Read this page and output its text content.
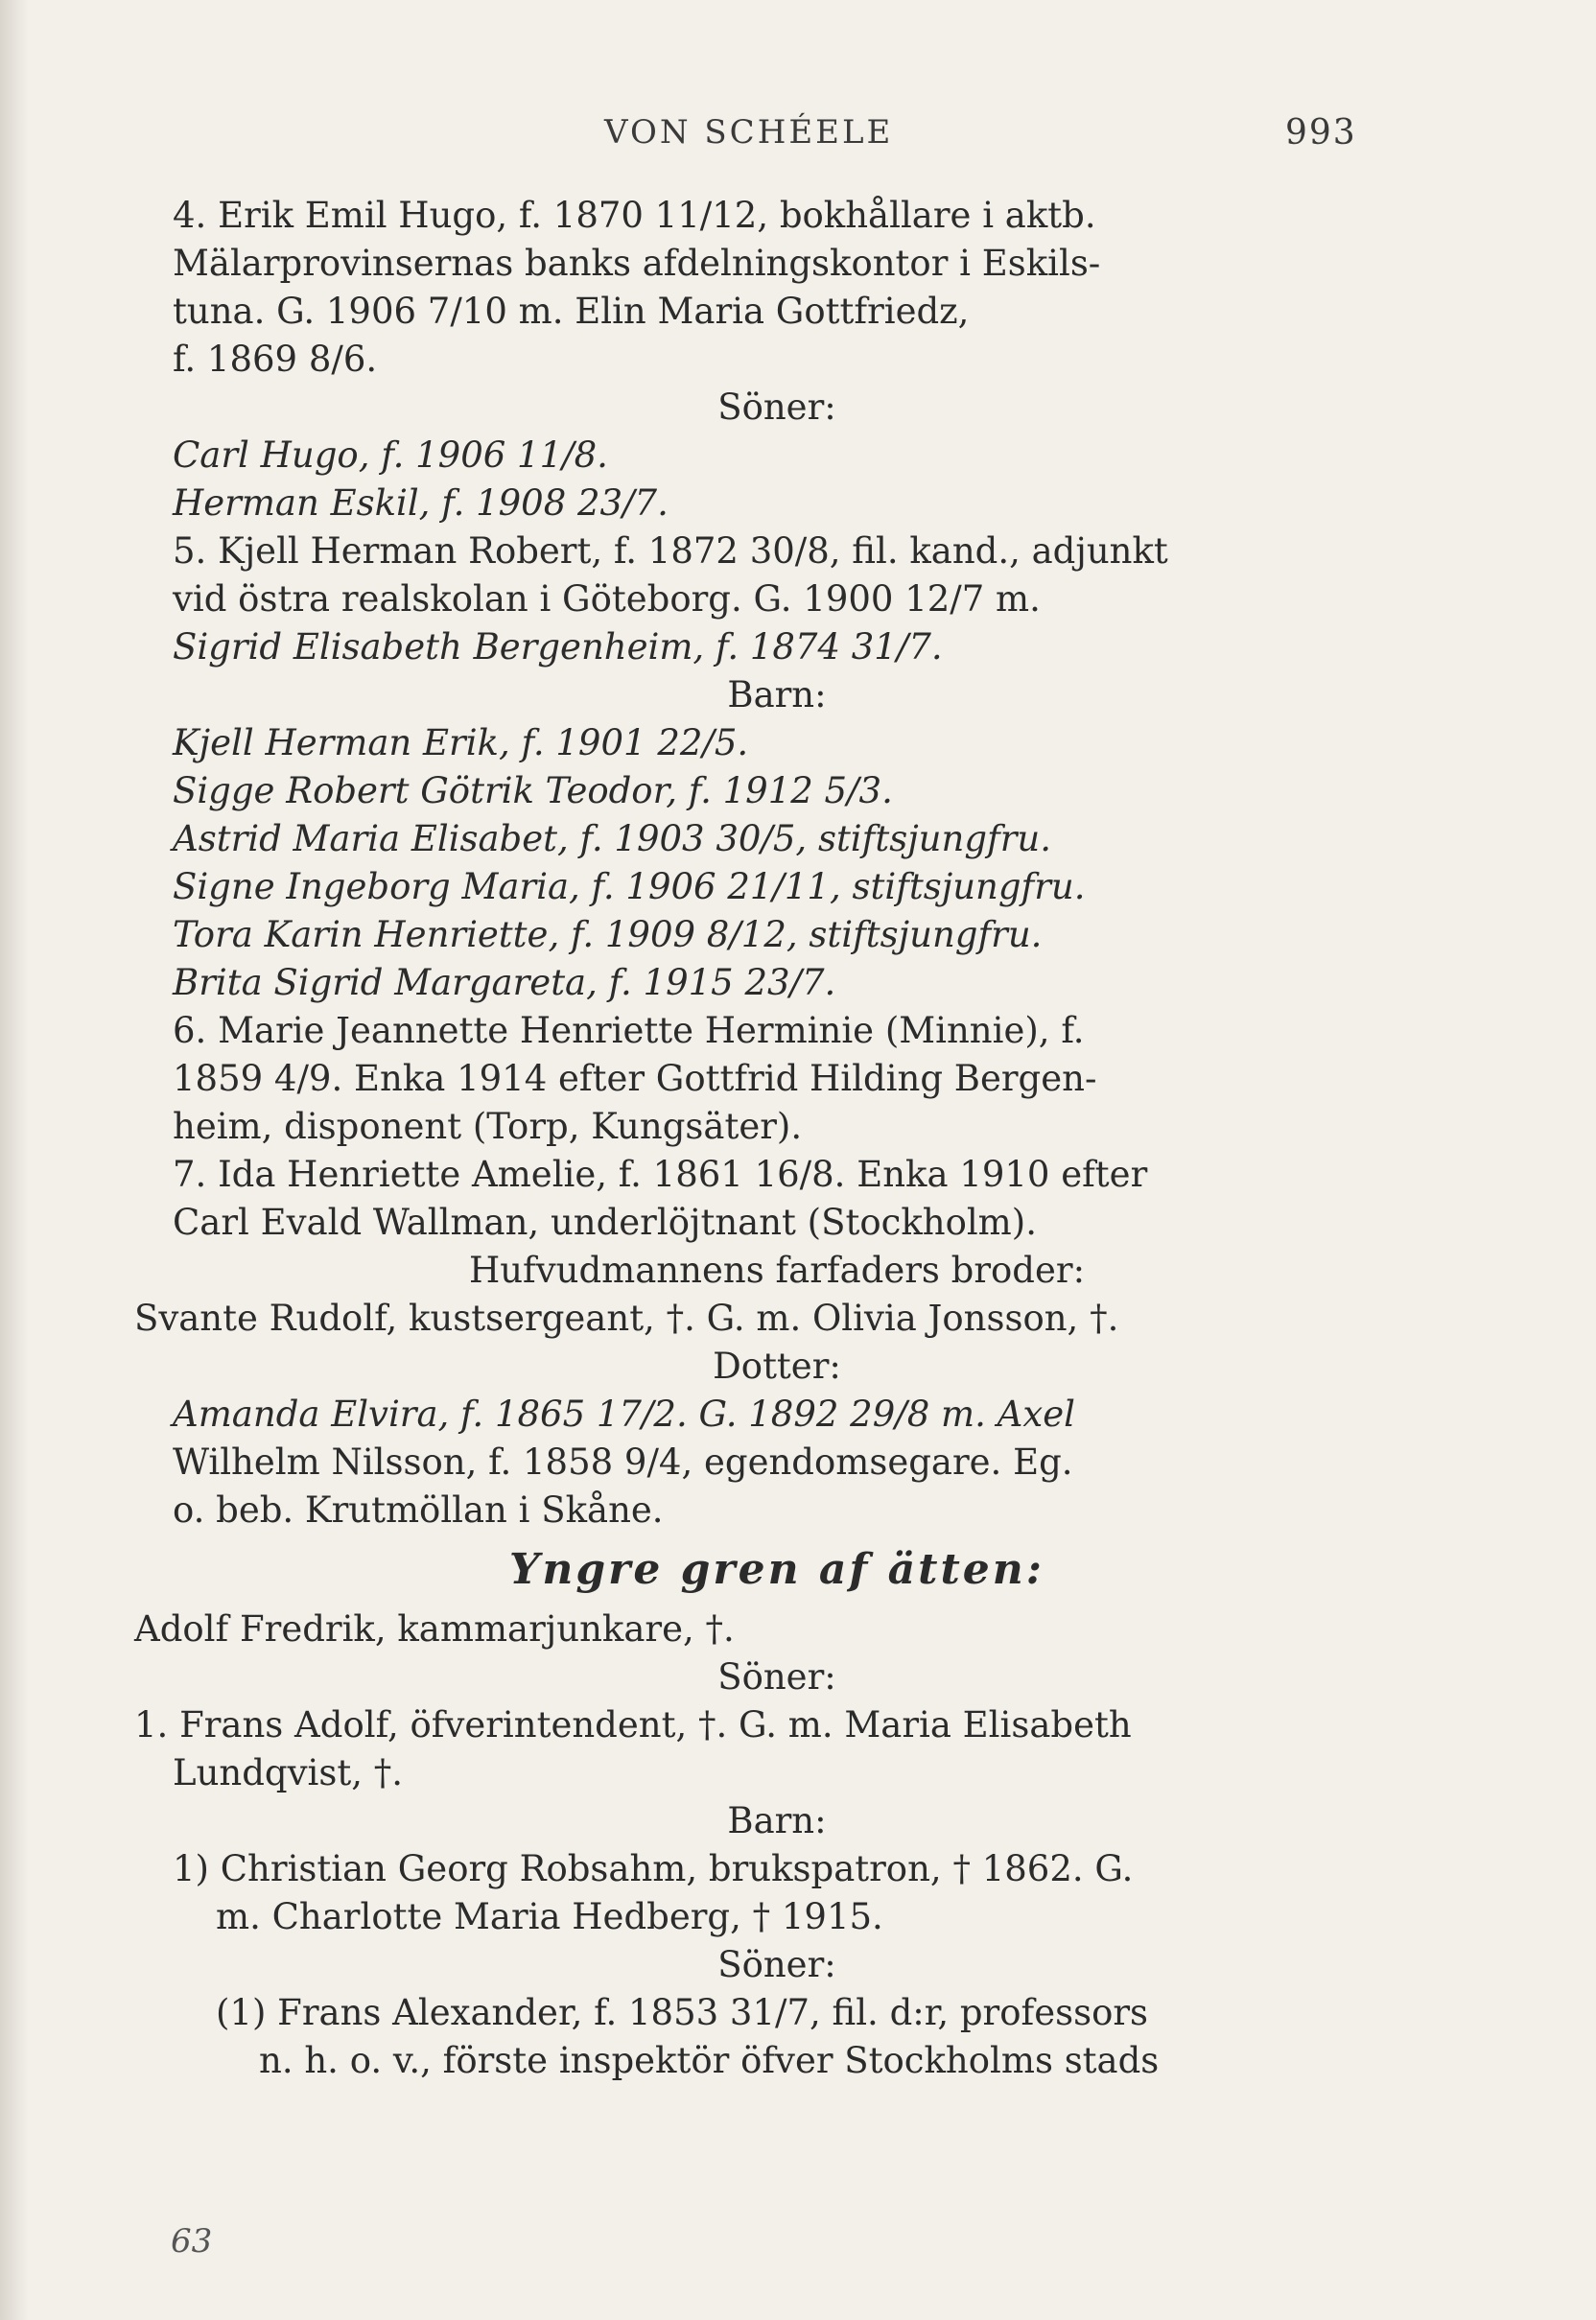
VON SCHÉELE	993
4. Erik Emil Hugo, f. 1870 11/12, bokhållare i aktb.
Mälarprovinsernas banks afdelningskontor i Eskils-
tuna. G. 1906 7/10 m. Elin Maria Gottfriedz,
f. 1869 8/6.
Söner:
Carl Hugo, f. 1906 11/8.
Herman Eskil, f. 1908 23/7.
5. Kjell Herman Robert, f. 1872 30/8, fil. kand., adjunkt
vid östra realskolan i Göteborg. G. 1900 12/7 m.
Sigrid Elisabeth Bergenheim, f. 1874 31/7.
Barn:
Kjell Herman Erik, f. 1901 22/5.
Sigge Robert Götrik Teodor, f. 1912 5/3.
Astrid Maria Elisabet, f. 1903 30/5, stiftsjungfru.
Signe Ingeborg Maria, f. 1906 21/11, stiftsjungfru.
Tora Karin Henriette, f. 1909 8/12, stiftsjungfru.
Brita Sigrid Margareta, f. 1915 23/7.
6. Marie Jeannette Henriette Herminie (Minnie), f.
1859 4/9. Enka 1914 efter Gottfrid Hilding Bergen-
heim, disponent (Torp, Kungsäter).
7. Ida Henriette Amelie, f. 1861 16/8. Enka 1910 efter
Carl Evald Wallman, underlöjtnant (Stockholm).
Hufvudmannens farfaders broder:
Svante Rudolf, kustsergeant, †. G. m. Olivia Jonsson, †.
Dotter:
Amanda Elvira, f. 1865 17/2. G. 1892 29/8 m. Axel
Wilhelm Nilsson, f. 1858 9/4, egendomsegare. Eg.
o. beb. Krutmöllan i Skåne.
Yngre gren af ätten:
Adolf Fredrik, kammarjunkare, †.
Söner:
1. Frans Adolf, öfverintendent, †. G. m. Maria Elisabeth
Lundqvist, †.
Barn:
1) Christian Georg Robsahm, brukspatron, † 1862. G.
m. Charlotte Maria Hedberg, † 1915.
Söner:
(1) Frans Alexander, f. 1853 31/7, fil. d:r, professors
n. h. o. v., förste inspektör öfver Stockholms stads
63
